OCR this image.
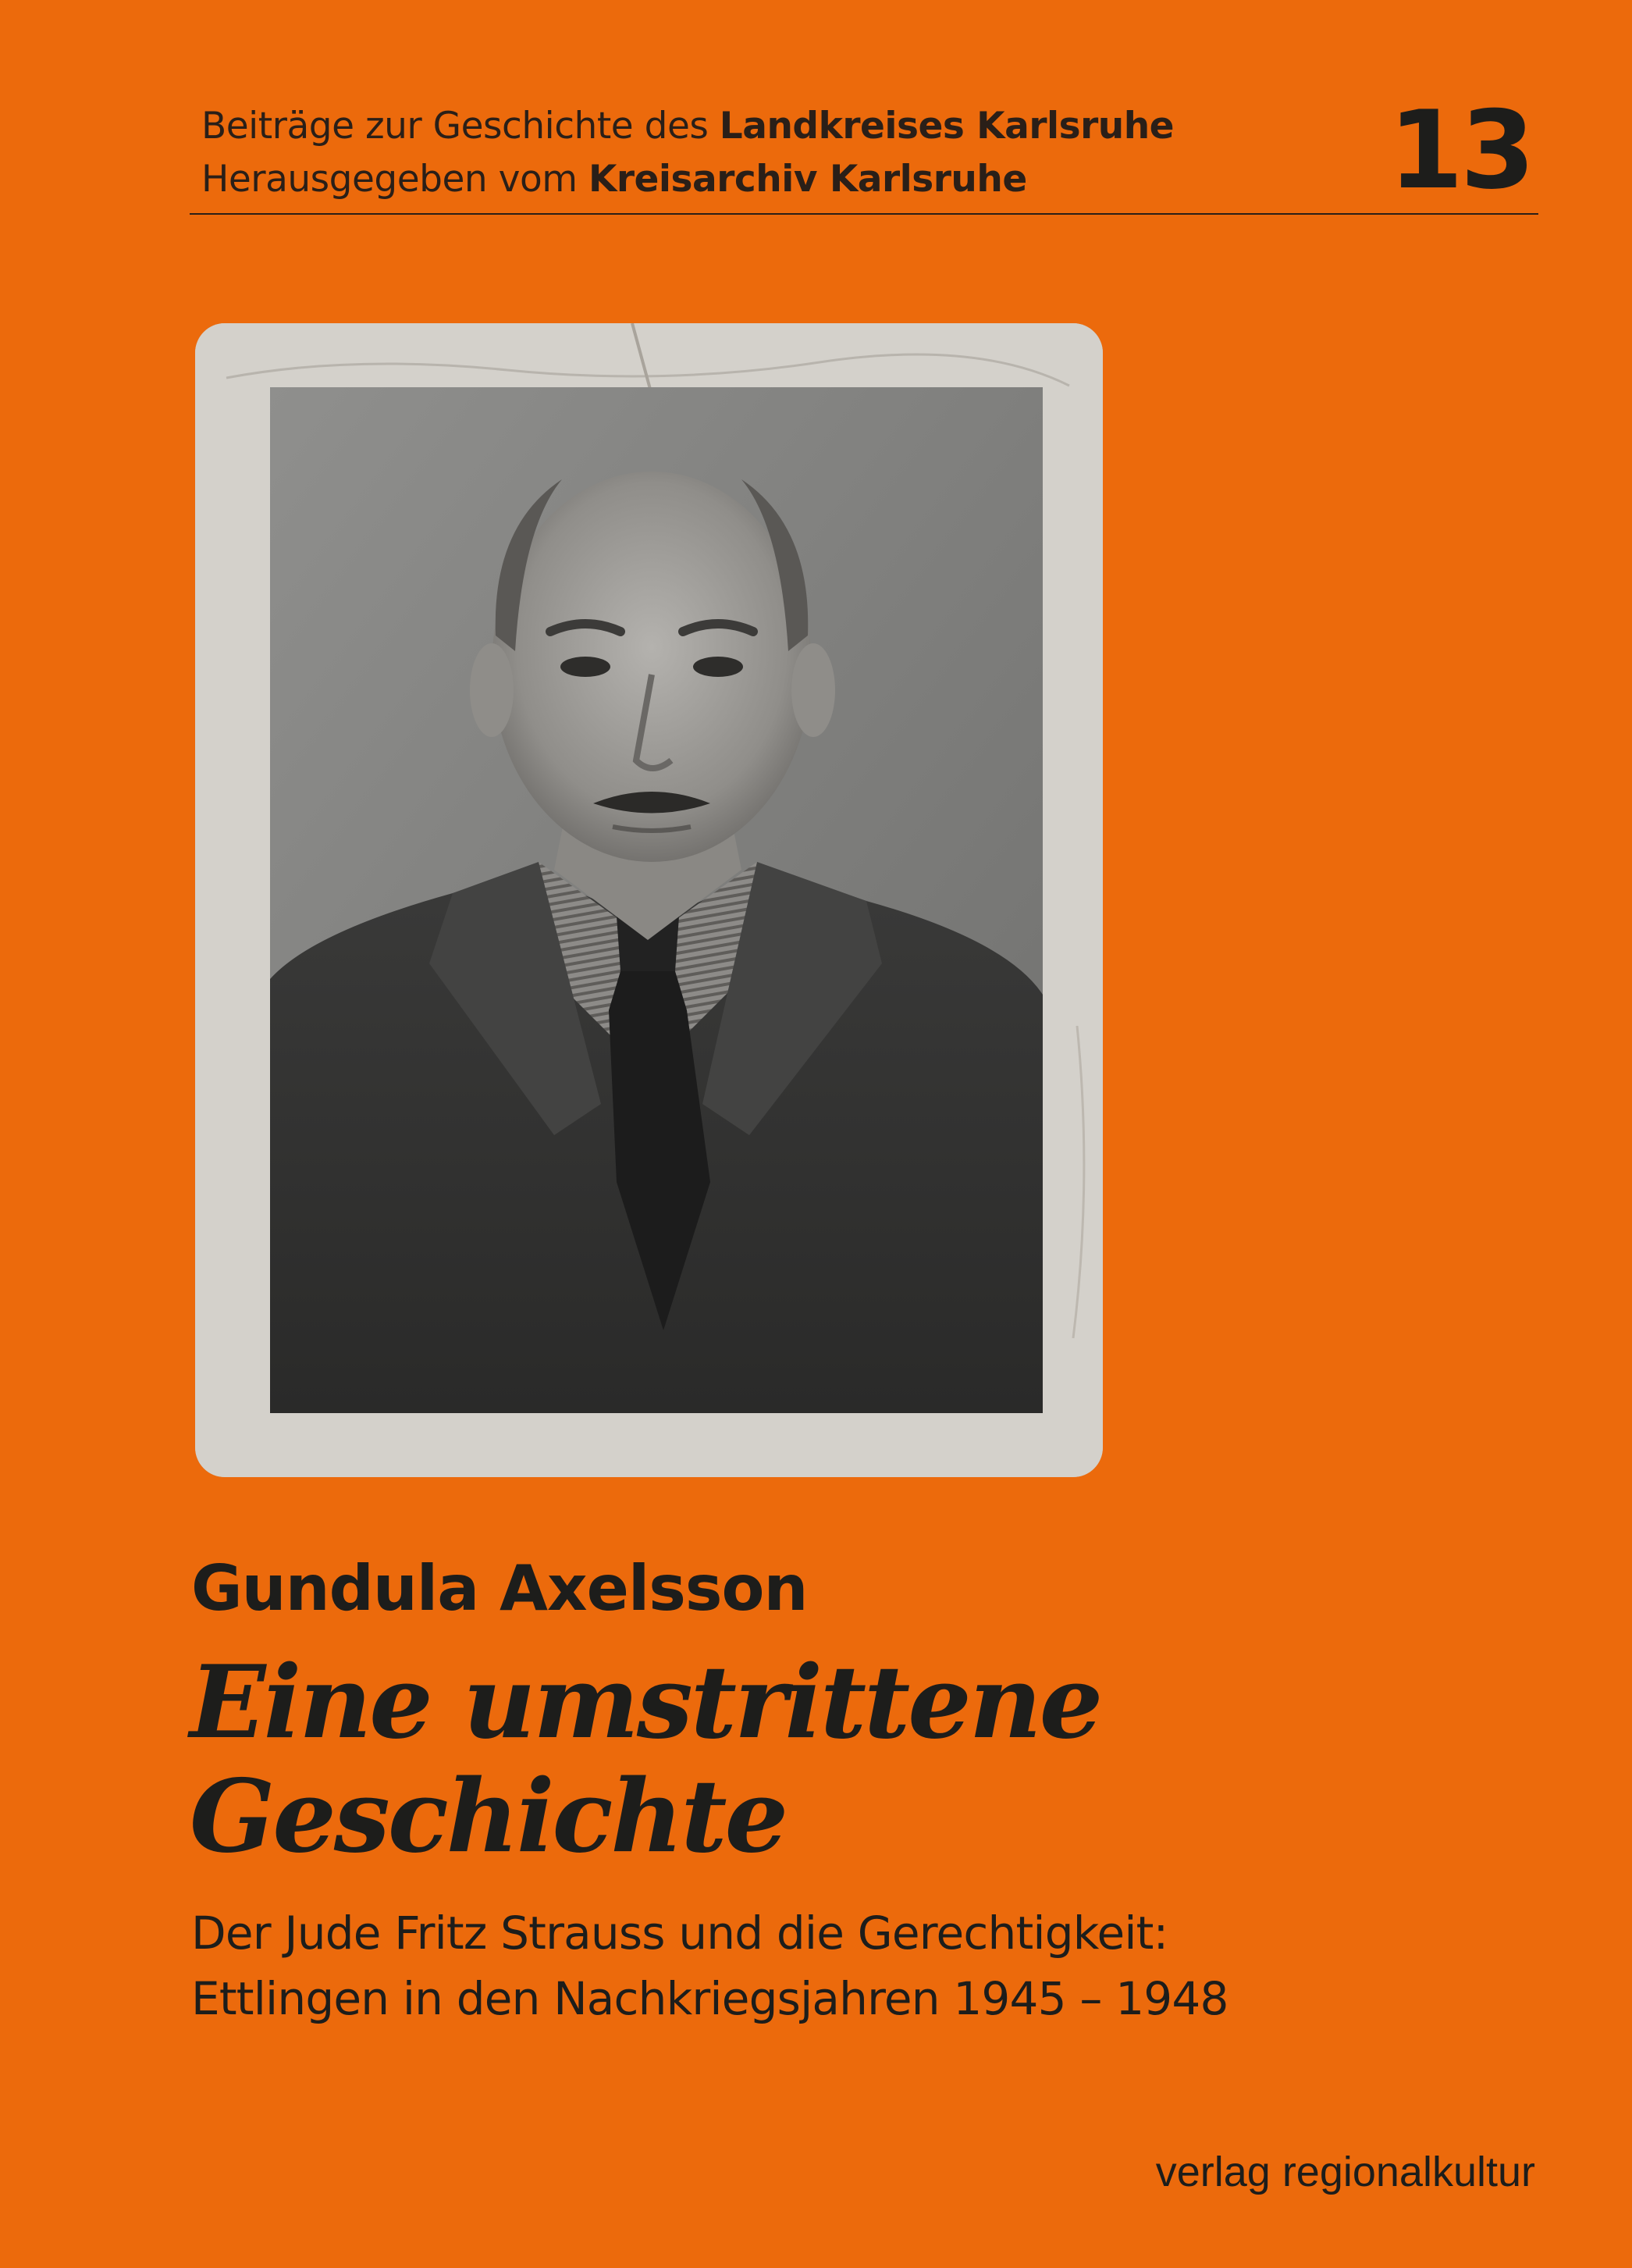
Beiträge zur Geschichte des Landkreises Karlsruhe
Herausgegeben vom Kreisarchiv Karlsruhe	13
Gundula Axelsson
Eine umstrittene
Geschichte
Der Jude Fritz Strauss und die Gerechtigkeit:
Ettlingen in den Nachkriegsjahren 1945 – 1948
verlag regionalkultur
